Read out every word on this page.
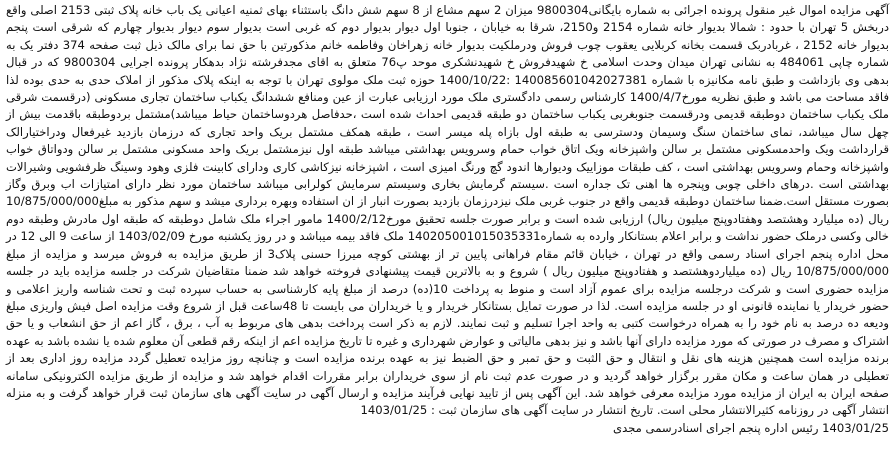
آگهی مزایده اموال غیر منقول پرونده اجرائی به شماره بایگانی9800304 میزان 2 سهم مشاع از 8 سهم شش دانگ باستثناء بهای ثمنیه اعیانی یک باب خانه پلاک ثبتی 2153 اصلی واقع دربخش 5 تهران با حدود : شمالا بدیوار خانه شماره 2154 و2150، شرقا به خیابان ، جنوبا اول دیوار بدیوار دوم که غربی است بدیوار سوم دیوار بدیوار چهارم که شرقی است پنجم بدیوار خانه 2152 ، غربادربک قسمت بخانه کربلایی یعقوب چوب فروش ودرملکیت بدیوار خانه زهراخان وفاطمه خانم مذکورتین با حق نما برای مالک ذیل ثبت صفحه 374 دفتر یک به شماره چاپی 484061 به نشانی تهران میدان وحدت اسلامی خ شهیدفروش خ شهیدنشکری موحد پ76 متعلق به اقای مجدفرشته نژاد بدهکار پرونده اجرایی 9800304 که در قبال بدهی وی بازداشت و طبق نامه مکانیزه با شماره 140085601042027381 :1400/10/22 حوزه ثبت ملک مولوی تهران با توجه به اینکه پلاک مذکور از املاک حدی به حدی بوده لذا فاقد مساحت می باشد و طبق نظریه مورخ1400/4/7 کارشناس رسمی دادگستری ملک مورد ارزیابی عبارت از عین ومنافع ششدانگ یکباب ساختمان تجاری مسکونی (درقسمت شرقی ملک یکباب ساختمان دوطبقه قدیمی ودرقسمت جنوبغربی یکباب ساختمان دو طبقه قدیمی احداث شده است ،حدفاصل هردوساختمان حیاط میباشد)مشتمل بردوطبقه باقدمت بیش از چهل سال میباشد، نمای ساختمان سنگ وسیمان ودسترسی به طبقه اول بازاه پله میسر است ، طبقه همکف مشتمل بریک واحد تجاری که درزمان بازدید غیرفعال ودراختیارالک قرارداشت ویک واحدمسکونی مشتمل بر سالن واشپزخانه ویک اتاق خواب حمام وسرویس بهداشتی میباشد طبقه اول نیزمشتمل بریک واحد مسکونی مشتمل بر سالن ودواتاق خواب واشپزخانه وحمام وسرویس بهداشتی است ، کف طبقات موزاییک ودیوارها اندود گچ ورنگ امیزی است ، اشپزخانه نیزکاشی کاری ودارای کابینت فلزی وهود وسینگ ظرفشویی وشیرالات بهداشتی است .درهای داخلی چوبی وپنجره ها اهنی تک جداره است .سیستم گرمایش بخاری وسیستم سرمایش کولرابی میباشد ساختمان مورد نظر دارای امتیازات اب وبرق وگاز بصورت مستقل است.ضمنا ساختمان دوطبقه قدیمی واقع در جنوب غربی ملک نیزدرزمان بازدید بصورت انبار از ان استفاده وبهره برداری میشد و سهم مذکور به مبلغ10/875/000/000 ریال (ده میلیارد وهشتصد وهفتادوپنج میلیون ریال) ارزیابی شده است و برابر صورت جلسه تحقیق مورخ1400/2/12 مامور اجراء ملک شامل دوطبقه که طبقه اول مادرش وطبقه دوم خالی وکسی درملک حضور نداشت و برابر اعلام بستانکار وارده به شماره140205001015035331 ملک فاقد بیمه میباشد و در روز یکشنبه مورخ 1403/02/09 از ساعت 9 الی 12 در محل اداره پنجم اجرای اسناد رسمی واقع در تهران ، خیابان قائم مقام فراهانی پایین تر از بهشتی کوچه میرزا حسنی پلاک3 از طریق مزایده به فروش میرسد و مزایده از مبلغ 10/875/000/000 ریال (ده میلیاردوهشتصد و هفتادوپنج میلیون ریال ) شروع و به بالاترین قیمت پیشنهادی فروخته خواهد شد ضمنا متقاضیان شرکت در جلسه مزایده باید در جلسه مزایده حضوری است و شرکت درجلسه مزایده برای عموم آزاد است و منوط به پرداخت 10(ده) درصد از مبلغ پایه کارشناسی به حساب سپرده ثبت و تحت شناسه واریز اعلامی و حضور خریدار یا نماینده قانونی او در جلسه مزایده است. لذا در صورت تمایل بستانکار خریدار و یا خریداران می بایست تا 48ساعت قبل از شروع وقت مزایده اصل فیش واریزی مبلغ ودیعه ده درصد به نام خود را به همراه درخواست کتبی به واحد اجرا تسلیم و ثبت نمایند. لازم به ذکر است پرداخت بدهی های مربوط به آب ، برق ، گاز اعم از حق انشعاب و یا حق اشتراک و مصرف در صورتی که مورد مزایده دارای آنها باشد و نیز بدهی مالیاتی و عوارض شهرداری و غیره تا تاریخ مزایده اعم از اینکه رقم قطعی آن معلوم شده یا نشده باشد به عهده برنده مزایده است همچنین هزینه های نقل و انتقال و حق الثبت و حق تمبر و حق الضبط نیز به عهده برنده مزایده است و چنانچه روز مزایده تعطیل گردد مزایده روز اداری بعد از تعطیلی در همان ساعت و مکان مقرر برگزار خواهد گردید و در صورت عدم ثبت نام از سوی خریداران برابر مقررات اقدام خواهد شد و مزایده از طریق مزایده الکترونیکی سامانه صفحه ایران به ایران از مزایده مورد مزایده معرفی خواهد شد. این آگهی پس از تایید نهایی فرآیند مزایده و ارسال آگهی در سایت آگهی های سازمان ثبت قرار خواهد گرفت و به منزله انتشار آگهی در روزنامه کثیرالانتشار محلی است. تاریخ انتشار در سایت آگهی های سازمان ثبت : 1403/01/25

1403/01/25 رئیس اداره پنجم اجرای اسنادرسمی مجدی
